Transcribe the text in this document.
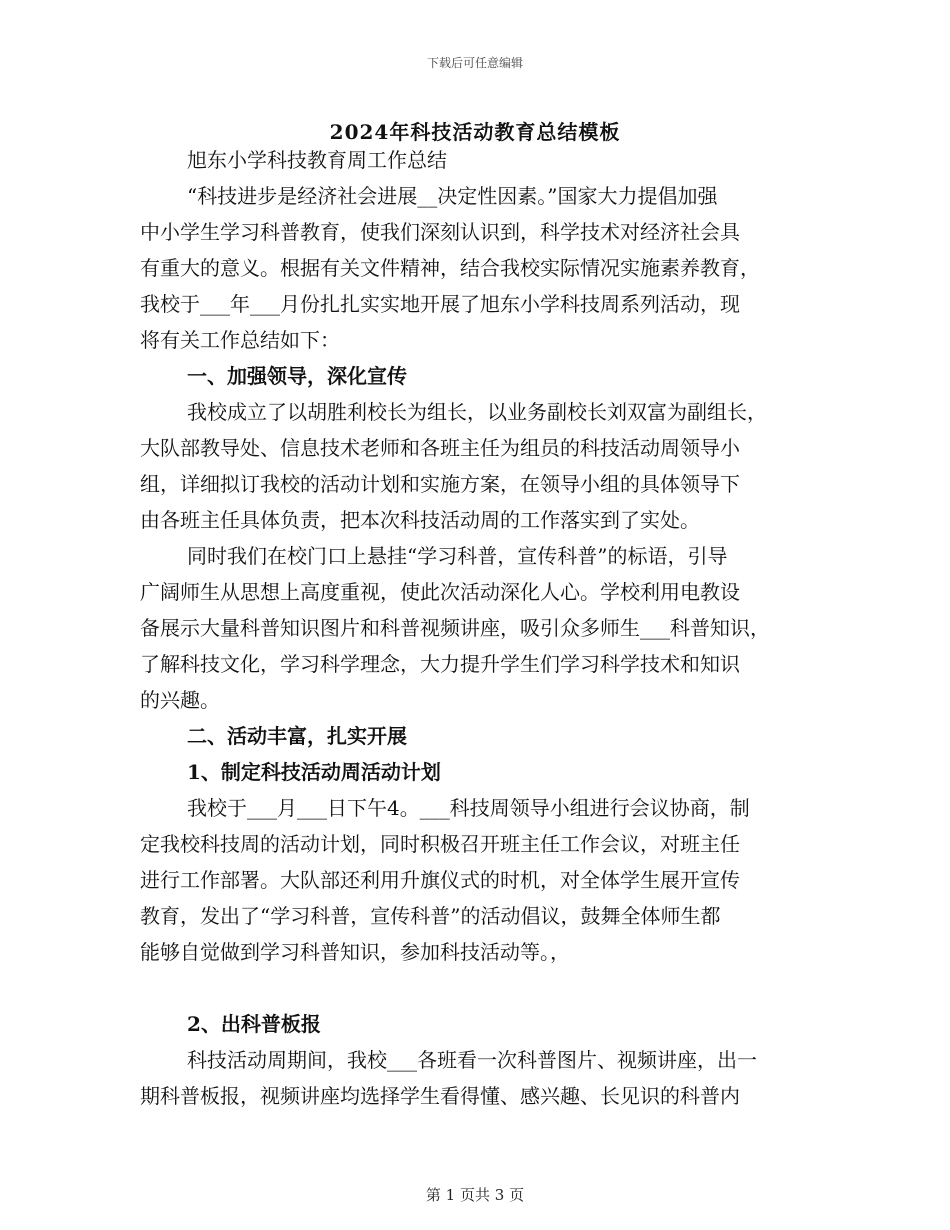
下载后可任意编辑
2024年科技活动教育总结模板
旭东小学科技教育周工作总结
“科技进步是经济社会进展__决定性因素。”国家大力提倡加强
中小学生学习科普教育，使我们深刻认识到，科学技术对经济社会具
有重大的意义。根据有关文件精神，结合我校实际情况实施素养教育，
我校于___年___月份扎扎实实地开展了旭东小学科技周系列活动，现
将有关工作总结如下：
一、加强领导，深化宣传
我校成立了以胡胜利校长为组长，以业务副校长刘双富为副组长，
大队部教导处、信息技术老师和各班主任为组员的科技活动周领导小
组，详细拟订我校的活动计划和实施方案，在领导小组的具体领导下
由各班主任具体负责，把本次科技活动周的工作落实到了实处。
同时我们在校门口上悬挂“学习科普，宣传科普”的标语，引导
广阔师生从思想上高度重视，使此次活动深化人心。学校利用电教设
备展示大量科普知识图片和科普视频讲座，吸引众多师生___科普知识，
了解科技文化，学习科学理念，大力提升学生们学习科学技术和知识
的兴趣。
二、活动丰富，扎实开展
1、制定科技活动周活动计划
我校于___月___日下午4。___科技周领导小组进行会议协商，制
定我校科技周的活动计划，同时积极召开班主任工作会议，对班主任
进行工作部署。大队部还利用升旗仪式的时机，对全体学生展开宣传
教育，发出了“学习科普，宣传科普”的活动倡议，鼓舞全体师生都
能够自觉做到学习科普知识，参加科技活动等。，
2、出科普板报
科技活动周期间，我校___各班看一次科普图片、视频讲座，出一
期科普板报，视频讲座均选择学生看得懂、感兴趣、长见识的科普内
第 1 页共 3 页
